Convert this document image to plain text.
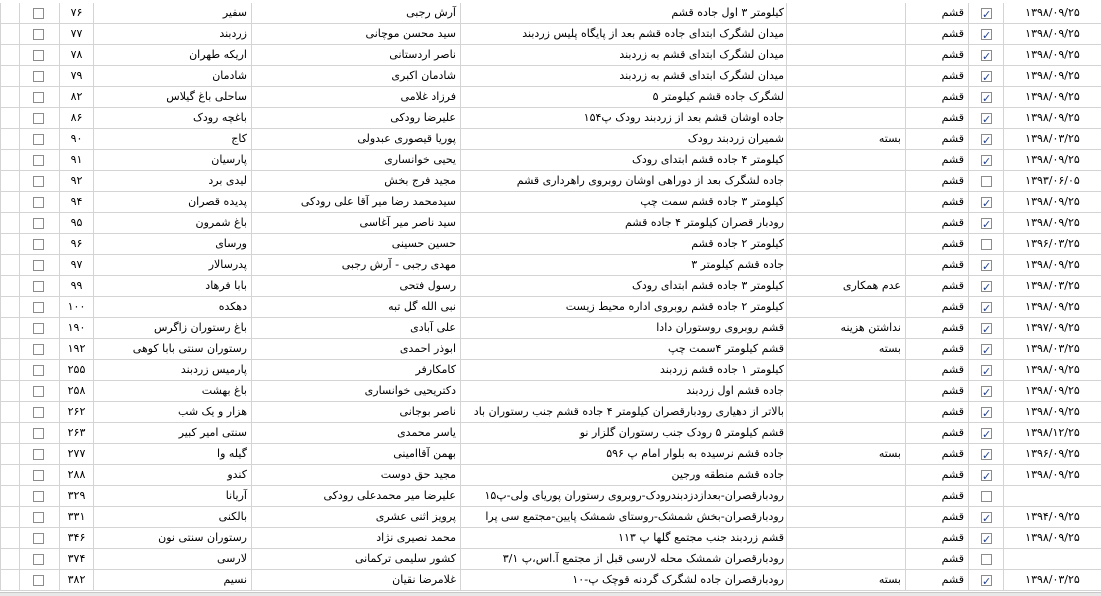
۷۶	سفیر	آرش رجبی	کیلومتر ۳ اول جاده قشم	قشم ✓	۱۳۹۸/۰۹/۲۵
۷۷	زردبند	سید محسن موچانی	میدان لشگرک ابتدای جاده قشم بعد از پایگاه پلیس زردبند	قشم ✓	۱۳۹۸/۰۹/۲۵
۷۸	اریکه طهران	ناصر اردستانی	میدان لشگرک ابتدای قشم به زردبند	قشم ✓	۱۳۹۸/۰۹/۲۵
۷۹	شادمان	شادمان اکبری	میدان لشگرک ابتدای قشم به زردبند	قشم ✓	۱۳۹۸/۰۹/۲۵
۸۲	ساحلی باغ گیلاس	فرزاد غلامی	لشگرک جاده قشم کیلومتر ۵	قشم ✓	۱۳۹۸/۰۹/۲۵
۸۶	باغچه رودک	علیرضا رودکی	جاده اوشان قشم بعد از زردبند رودک پ۱۵۴	قشم ✓	۱۳۹۸/۰۹/۲۵
۹۰	کاج	پوریا قیصوری عبدولی	شمیران زردبند رودک	بسته	قشم ✓	۱۳۹۸/۰۳/۲۵
۹۱	پارسیان	یحیی خوانساری	کیلومتر ۴ جاده قشم ابتدای رودک	قشم ✓	۱۳۹۸/۰۹/۲۵
۹۲	لیدی برد	مجید فرج بخش	جاده لشگرک بعد از دوراهی اوشان روبروی راهرداری قشم	قشم	۱۳۹۳/۰۶/۰۵
۹۴	پدیده قصران	سیدمحمد رضا میر آقا علی رودکی	کیلومتر ۳ جاده قشم سمت چپ	قشم ✓	۱۳۹۸/۰۹/۲۵
۹۵	باغ شمرون	سید ناصر میر آغاسی	رودبار قصران کیلومتر ۴ جاده قشم	قشم ✓	۱۳۹۸/۰۹/۲۵
۹۶	ورسای	حسین حسینی	کیلومتر ۲ جاده قشم	قشم	۱۳۹۶/۰۳/۲۵
۹۷	پدرسالار	مهدی رجبی - آرش رجبی	جاده قشم کیلومتر ۳	قشم ✓	۱۳۹۸/۰۹/۲۵
۹۹	بابا فرهاد	رسول فتحی	کیلومتر ۳ جاده قشم ابتدای رودک	عدم همکاری	قشم ✓	۱۳۹۸/۰۳/۲۵
۱۰۰	دهکده	نبی الله گل تبه	کیلومتر ۲ جاده قشم روبروی اداره محیط زیست	قشم ✓	۱۳۹۸/۰۹/۲۵
۱۹۰	باغ رستوران زاگرس	علی آبادی	قشم روبروی روستوران دادا	نداشتن هزینه	قشم ✓	۱۳۹۷/۰۹/۲۵
۱۹۲	رستوران سنتی بابا کوهی	ابوذر احمدی	قشم کیلومتر ۴سمت چپ	بسته	قشم ✓	۱۳۹۸/۰۳/۲۵
۲۵۵	پارمیس زردبند	کامکارفر	کیلومتر ۱ جاده قشم زردبند	قشم ✓	۱۳۹۸/۰۹/۲۵
۲۵۸	باغ بهشت	دکتریحیی خوانساری	جاده قشم اول زردبند	قشم ✓	۱۳۹۸/۰۹/۲۵
۲۶۲	هزار و یک شب	ناصر بوجانی	بالاتر از دهیاری رودبارقصران کیلومتر ۴ جاده قشم جنب رستوران باد	قشم ✓	۱۳۹۸/۰۹/۲۵
۲۶۳	سنتی امیر کبیر	یاسر محمدی	قشم کیلومتر ۵ رودک جنب رستوران گلزار نو	قشم ✓	۱۳۹۸/۱۲/۲۵
۲۷۷	گیله وا	بهمن آقاامینی	جاده قشم نرسیده به بلوار امام پ ۵۹۶	بسته	قشم ✓	۱۳۹۶/۰۹/۲۵
۲۸۸	کندو	مجید حق دوست	جاده قشم منطقه ورجین	قشم ✓	۱۳۹۸/۰۹/۲۵
۳۲۹	آریانا	علیرضا میر محمدعلی رودکی	رودبارقصران-بعدازدزدبندرودک-روبروی رستوران پوریای ولی-پ۱۵	قشم
۳۳۱	بالکنی	پرویز اثنی عشری	رودبارقصران-بخش شمشک-روستای شمشک پایین-مجتمع سی پرا	قشم ✓	۱۳۹۴/۰۹/۲۵
۳۴۶	رستوران سنتی نون	محمد نصیری نژاد	قشم زردبند جنب مجتمع گلها پ ۱۱۳	قشم ✓	۱۳۹۸/۰۹/۲۵
۳۷۴	لارسی	کشور سلیمی ترکمانی	رودبارقصران شمشک محله لارسی قبل از مجتمع آ.اس،پ ۳/۱	قشم
۳۸۲	نسیم	غلامرضا نقیان	رودبارقصران جاده لشگرک گردنه قوچک پ-۱۰	بسته	قشم ✓	۱۳۹۸/۰۳/۲۵
